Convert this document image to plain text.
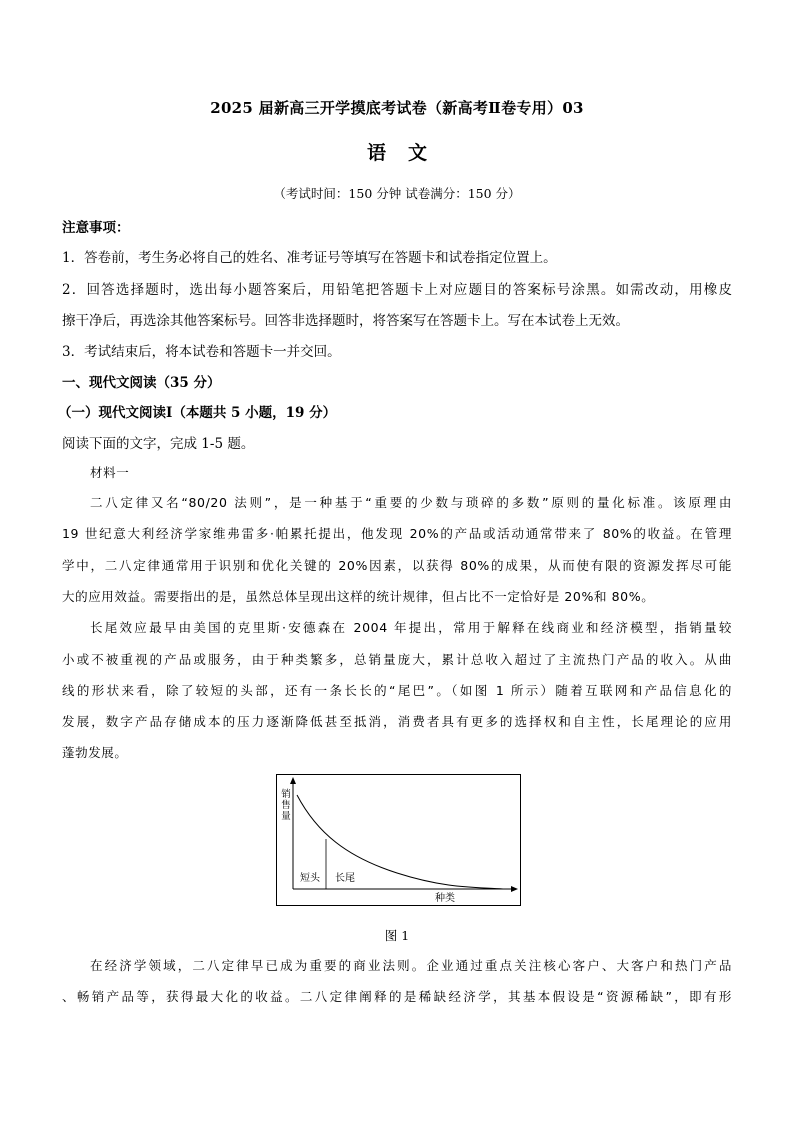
2025 届新高三开学摸底考试卷（新高考Ⅱ卷专用）03
语文
（考试时间：150 分钟 试卷满分：150 分）
注意事项：
1．答卷前，考生务必将自己的姓名、准考证号等填写在答题卡和试卷指定位置上。
2．回答选择题时，选出每小题答案后，用铅笔把答题卡上对应题目的答案标号涂黑。如需改动，用橡皮
擦干净后，再选涂其他答案标号。回答非选择题时，将答案写在答题卡上。写在本试卷上无效。
3．考试结束后，将本试卷和答题卡一并交回。
一、现代文阅读（35 分）
（一）现代文阅读Ⅰ（本题共 5 小题，19 分）
阅读下面的文字，完成 1-5 题。
材料一
二八定律又名“80/20 法则”，是一种基于“重要的少数与琐碎的多数”原则的量化标准。该原理由
19 世纪意大利经济学家维弗雷多·帕累托提出，他发现 20%的产品或活动通常带来了 80%的收益。在管理
学中，二八定律通常用于识别和优化关键的 20%因素，以获得 80%的成果，从而使有限的资源发挥尽可能
大的应用效益。需要指出的是，虽然总体呈现出这样的统计规律，但占比不一定恰好是 20%和 80%。
长尾效应最早由美国的克里斯·安德森在 2004 年提出，常用于解释在线商业和经济模型，指销量较
小或不被重视的产品或服务，由于种类繁多，总销量庞大，累计总收入超过了主流热门产品的收入。从曲
线的形状来看，除了较短的头部，还有一条长长的“尾巴”。（如图 1 所示）随着互联网和产品信息化的
发展，数字产品存储成本的压力逐渐降低甚至抵消，消费者具有更多的选择权和自主性，长尾理论的应用
蓬勃发展。
销
售
量
短头 长尾
种类
图 1
在经济学领域，二八定律早已成为重要的商业法则。企业通过重点关注核心客户、大客户和热门产品
、畅销产品等，获得最大化的收益。二八定律阐释的是稀缺经济学，其基本假设是“资源稀缺”，即有形
